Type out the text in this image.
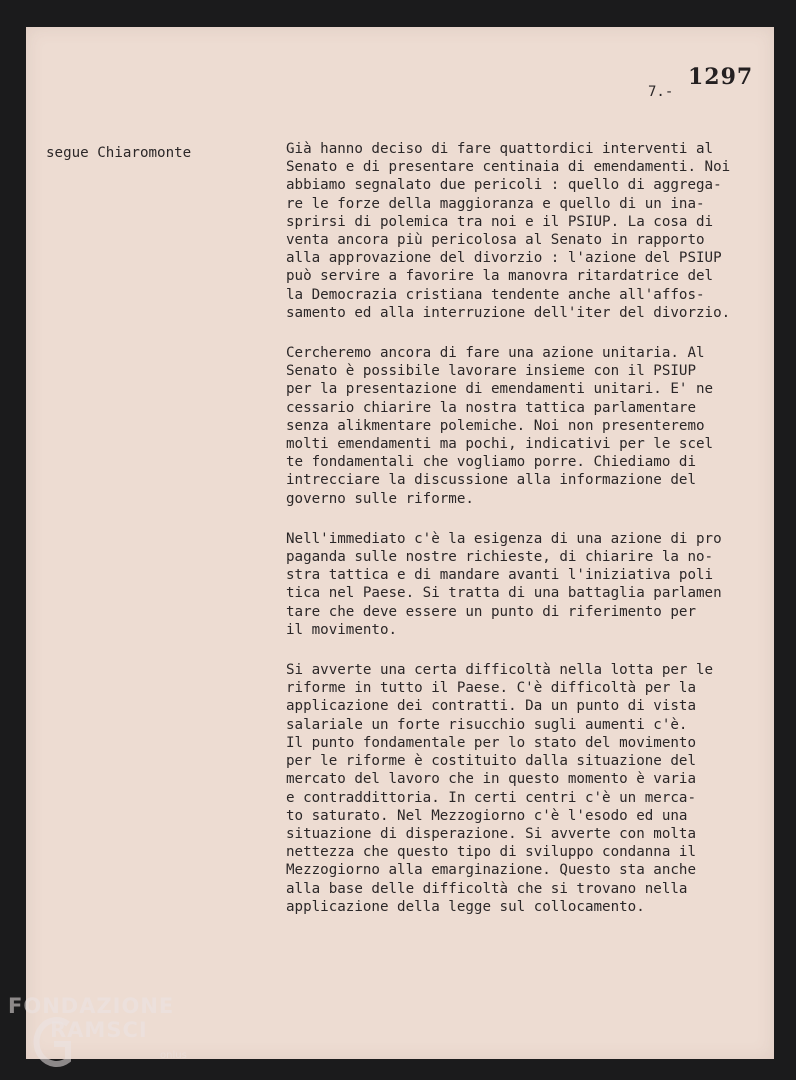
1297
7.-
segue Chiaromonte	Già hanno deciso di fare quattordici interventi al
Senato e di presentare centinaia di emendamenti. Noi
abbiamo segnalato due pericoli : quello di aggrega-
re le forze della maggioranza e quello di un ina-
sprirsi di polemica tra noi e il PSIUP. La cosa di
venta ancora più pericolosa al Senato in rapporto
alla approvazione del divorzio : l'azione del PSIUP
può servire a favorire la manovra ritardatrice del
la Democrazia cristiana tendente anche all'affos-
samento ed alla interruzione dell'iter del divorzio.
Cercheremo ancora di fare una azione unitaria. Al
Senato è possibile lavorare insieme con il PSIUP
per la presentazione di emendamenti unitari. E' ne
cessario chiarire la nostra tattica parlamentare
senza alikmentare polemiche. Noi non presenteremo
molti emendamenti ma pochi, indicativi per le scel
te fondamentali che vogliamo porre. Chiediamo di
intrecciare la discussione alla informazione del
governo sulle riforme.
Nell'immediato c'è la esigenza di una azione di pro
paganda sulle nostre richieste, di chiarire la no-
stra tattica e di mandare avanti l'iniziativa poli
tica nel Paese. Si tratta di una battaglia parlamen
tare che deve essere un punto di riferimento per
il movimento.
Si avverte una certa difficoltà nella lotta per le
riforme in tutto il Paese. C'è difficoltà per la
applicazione dei contratti. Da un punto di vista
salariale un forte risucchio sugli aumenti c'è.
Il punto fondamentale per lo stato del movimento
per le riforme è costituito dalla situazione del
mercato del lavoro che in questo momento è varia
e contraddittoria. In certi centri c'è un merca-
to saturato. Nel Mezzogiorno c'è l'esodo ed una
situazione di disperazione. Si avverte con molta
nettezza che questo tipo di sviluppo condanna il
Mezzogiorno alla emarginazione. Questo sta anche
alla base delle difficoltà che si trovano nella
applicazione della legge sul collocamento.
FONDAZIONE
RAMSCI
onlus
